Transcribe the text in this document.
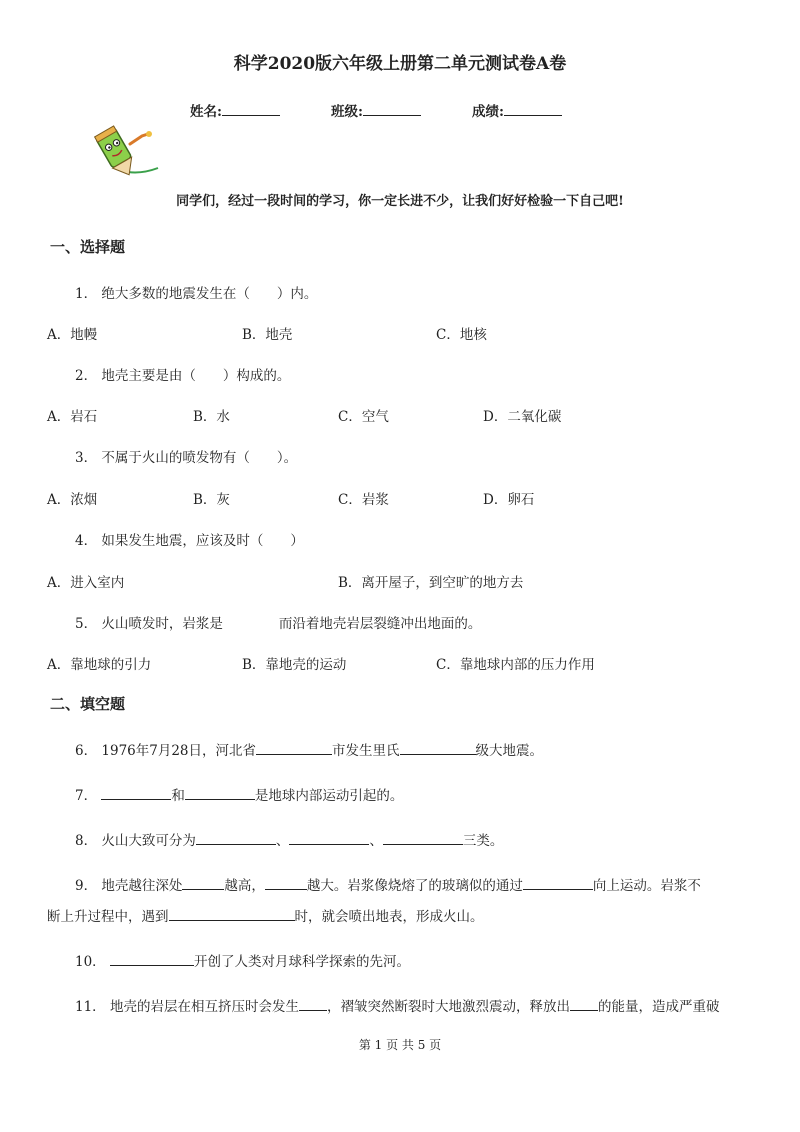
科学2020版六年级上册第二单元测试卷A卷
姓名:	班级:	成绩:
同学们，经过一段时间的学习，你一定长进不少，让我们好好检验一下自己吧!
一、选择题
1． 绝大多数的地震发生在（　　）内。
A．地幔	B．地壳	C．地核
2． 地壳主要是由（　　）构成的。
A．岩石	B．水	C．空气	D．二氧化碳
3． 不属于火山的喷发物有（　　）。
A．浓烟	B．灰	C．岩浆	D．卵石
4． 如果发生地震，应该及时（　　）
A．进入室内	B．离开屋子，到空旷的地方去
5． 火山喷发时，岩浆是	而沿着地壳岩层裂缝冲出地面的。
A．靠地球的引力	B．靠地壳的运动	C．靠地球内部的压力作用
二、填空题
6． 1976年7月28日，河北省	市发生里氏	级大地震。
7．	和	是地球内部运动引起的。
8． 火山大致可分为	、	、	三类。
9． 地壳越往深处	越高，	越大。岩浆像烧熔了的玻璃似的通过	向上运动。岩浆不
断上升过程中，遇到	时，就会喷出地表，形成火山。
10．	开创了人类对月球科学探索的先河。
11． 地壳的岩层在相互挤压时会发生 ，褶皱突然断裂时大地激烈震动，释放出 的能量，造成严重破
第 1 页 共 5 页
